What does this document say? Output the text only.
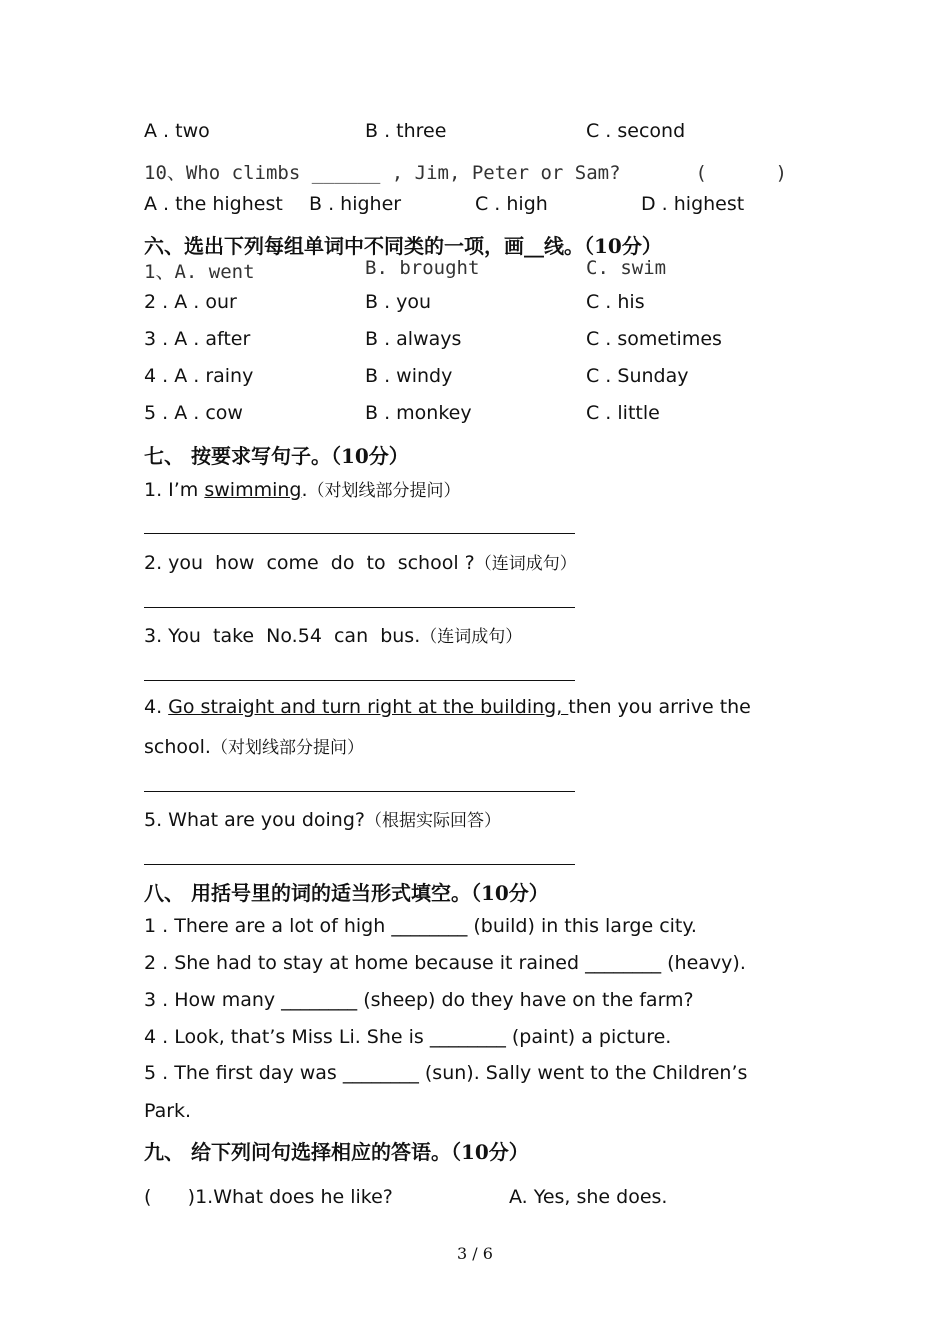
A . two	B . three	C . second
10、Who climbs ______ , Jim, Peter or Sam?	(      )
A . the highest B . higher	C . high	D . highest
六、选出下列每组单词中不同类的一项，画__线。（10分）
1、A. went	B. brought	C. swim
2 . A . our	B . you	C . his
3 . A . after	B . always	C . sometimes
4 . A . rainy	B . windy	C . Sunday
5 . A . cow	B . monkey	C . little
七、 按要求写句子。（10分）
1. I’m swimming.（对划线部分提问）
2. you  how  come  do  to  school ?（连词成句）
3. You  take  No.54  can  bus.（连词成句）
4. Go straight and turn right at the building, then you arrive the
school.（对划线部分提问）
5. What are you doing?（根据实际回答）
八、 用括号里的词的适当形式填空。（10分）
1 . There are a lot of high ________ (build) in this large city.
2 . She had to stay at home because it rained ________ (heavy).
3 . How many ________ (sheep) do they have on the farm?
4 . Look, that’s Miss Li. She is ________ (paint) a picture.
5 . The first day was ________ (sun). Sally went to the Children’s
Park.
九、 给下列问句选择相应的答语。（10分）
(      )1.What does he like?	A. Yes, she does.
3 / 6
